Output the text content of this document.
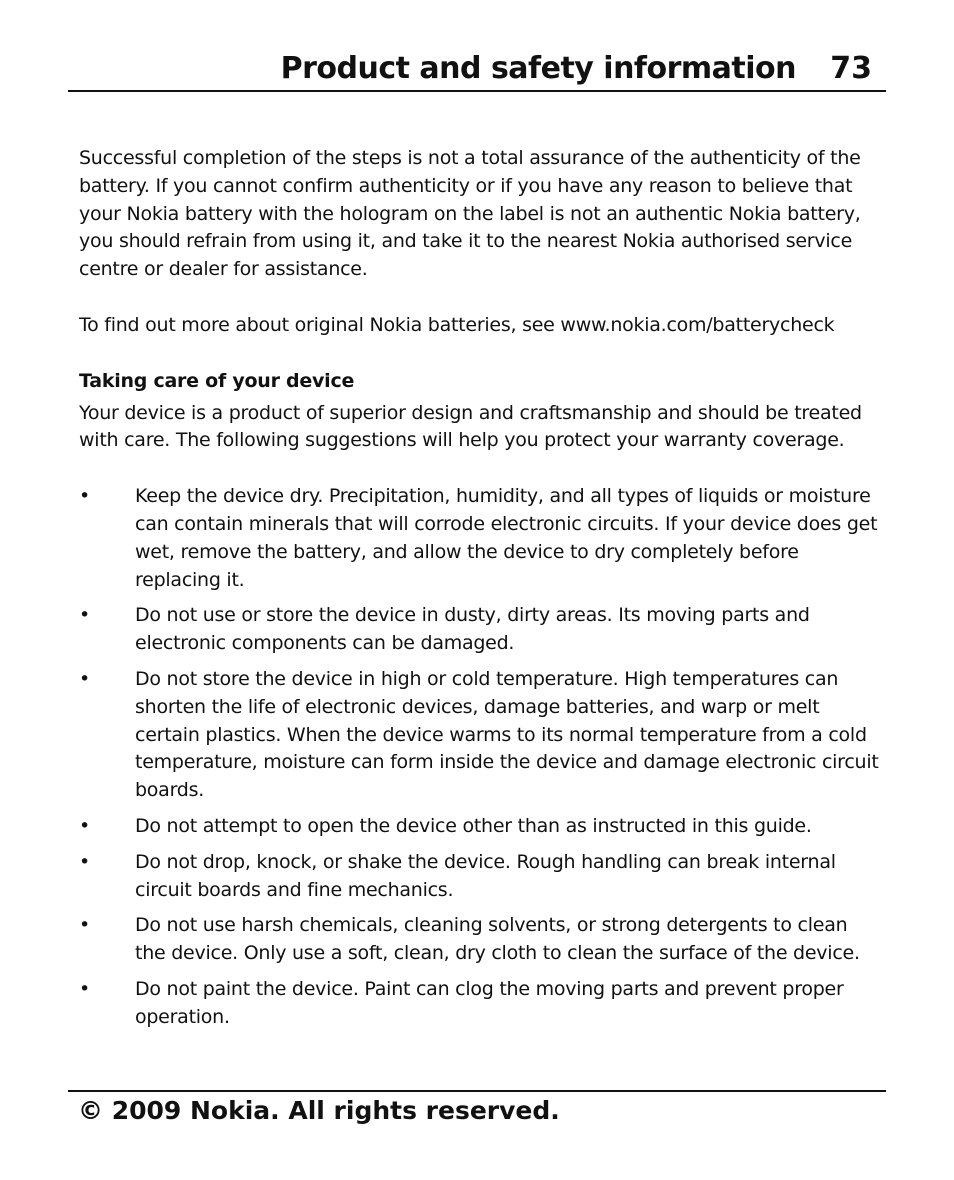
Product and safety information 73

Successful completion of the steps is not a total assurance of the authenticity of the battery. If you cannot confirm authenticity or if you have any reason to believe that your Nokia battery with the hologram on the label is not an authentic Nokia battery, you should refrain from using it, and take it to the nearest Nokia authorised service centre or dealer for assistance.

To find out more about original Nokia batteries, see www.nokia.com/batterycheck

Taking care of your device

Your device is a product of superior design and craftsmanship and should be treated with care. The following suggestions will help you protect your warranty coverage.

• Keep the device dry. Precipitation, humidity, and all types of liquids or moisture can contain minerals that will corrode electronic circuits. If your device does get wet, remove the battery, and allow the device to dry completely before replacing it.
• Do not use or store the device in dusty, dirty areas. Its moving parts and electronic components can be damaged.
• Do not store the device in high or cold temperature. High temperatures can shorten the life of electronic devices, damage batteries, and warp or melt certain plastics. When the device warms to its normal temperature from a cold temperature, moisture can form inside the device and damage electronic circuit boards.
• Do not attempt to open the device other than as instructed in this guide.
• Do not drop, knock, or shake the device. Rough handling can break internal circuit boards and fine mechanics.
• Do not use harsh chemicals, cleaning solvents, or strong detergents to clean the device. Only use a soft, clean, dry cloth to clean the surface of the device.
• Do not paint the device. Paint can clog the moving parts and prevent proper operation.
© 2009 Nokia. All rights reserved.
